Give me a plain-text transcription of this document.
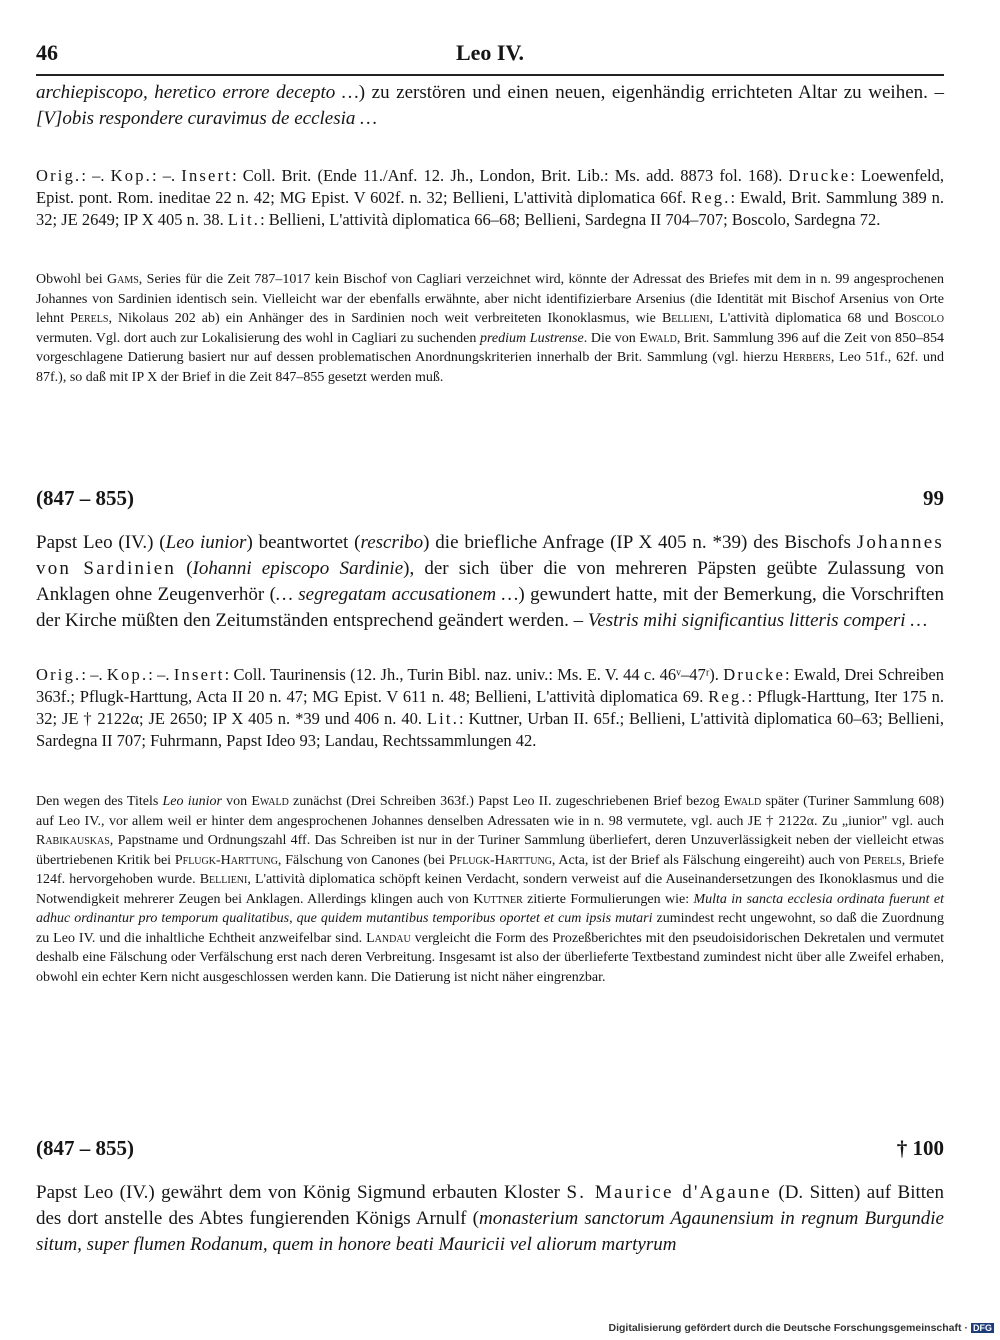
46	Leo IV.

archiepiscopo, heretico errore decepto …) zu zerstören und einen neuen, eigenhändig errichteten Altar zu weihen. – [V]obis respondere curavimus de ecclesia …

Orig.: –. Kop.: –. Insert: Coll. Brit. (Ende 11./Anf. 12. Jh., London, Brit. Lib.: Ms. add. 8873 fol. 168). Drucke: Loewenfeld, Epist. pont. Rom. ineditae 22 n. 42; MG Epist. V 602f. n. 32; Bellieni, L'attività diplomatica 66f. Reg.: Ewald, Brit. Sammlung 389 n. 32; JE 2649; IP X 405 n. 38. Lit.: Bellieni, L'attività diplomatica 66–68; Bellieni, Sardegna II 704–707; Boscolo, Sardegna 72.

Obwohl bei Gams, Series für die Zeit 787–1017 kein Bischof von Cagliari verzeichnet wird, könnte der Adressat des Briefes mit dem in n. 99 angesprochenen Johannes von Sardinien identisch sein. Vielleicht war der ebenfalls erwähnte, aber nicht identifizierbare Arsenius (die Identität mit Bischof Arsenius von Orte lehnt Perels, Nikolaus 202 ab) ein Anhänger des in Sardinien noch weit verbreiteten Ikonoklasmus, wie Bellieni, L'attività diplomatica 68 und Boscolo vermuten. Vgl. dort auch zur Lokalisierung des wohl in Cagliari zu suchenden predium Lustrense. Die von Ewald, Brit. Sammlung 396 auf die Zeit von 850–854 vorgeschlagene Datierung basiert nur auf dessen problematischen Anordnungskriterien innerhalb der Brit. Sammlung (vgl. hierzu Herbers, Leo 51f., 62f. und 87f.), so daß mit IP X der Brief in die Zeit 847–855 gesetzt werden muß.

(847 – 855)	99

Papst Leo (IV.) (Leo iunior) beantwortet (rescribo) die briefliche Anfrage (IP X 405 n. *39) des Bischofs Johannes von Sardinien (Iohanni episcopo Sardinie), der sich über die von mehreren Päpsten geübte Zulassung von Anklagen ohne Zeugenverhör (… segregatam accusationem …) gewundert hatte, mit der Bemerkung, die Vorschriften der Kirche müßten den Zeitumständen entsprechend geändert werden. – Vestris mihi significantius litteris comperi …

Orig.: –. Kop.: –. Insert: Coll. Taurinensis (12. Jh., Turin Bibl. naz. univ.: Ms. E. V. 44 c. 46ᵛ–47ʳ). Drucke: Ewald, Drei Schreiben 363f.; Pflugk-Harttung, Acta II 20 n. 47; MG Epist. V 611 n. 48; Bellieni, L'attività diplomatica 69. Reg.: Pflugk-Harttung, Iter 175 n. 32; JE † 2122α; JE 2650; IP X 405 n. *39 und 406 n. 40. Lit.: Kuttner, Urban II. 65f.; Bellieni, L'attività diplomatica 60–63; Bellieni, Sardegna II 707; Fuhrmann, Papst Ideo 93; Landau, Rechtssammlungen 42.

Den wegen des Titels Leo iunior von Ewald zunächst (Drei Schreiben 363f.) Papst Leo II. zugeschriebenen Brief bezog Ewald später (Turiner Sammlung 608) auf Leo IV., vor allem weil er hinter dem angesprochenen Johannes denselben Adressaten wie in n. 98 vermutete, vgl. auch JE † 2122α. Zu „iunior" vgl. auch Rabikauskas, Papstname und Ordnungszahl 4ff. Das Schreiben ist nur in der Turiner Sammlung überliefert, deren Unzuverlässigkeit neben der vielleicht etwas übertriebenen Kritik bei Pflugk-Harttung, Fälschung von Canones (bei Pflugk-Harttung, Acta, ist der Brief als Fälschung eingereiht) auch von Perels, Briefe 124f. hervorgehoben wurde. Bellieni, L'attività diplomatica schöpft keinen Verdacht, sondern verweist auf die Auseinandersetzungen des Ikonoklasmus und die Notwendigkeit mehrerer Zeugen bei Anklagen. Allerdings klingen auch von Kuttner zitierte Formulierungen wie: Multa in sancta ecclesia ordinata fuerunt et adhuc ordinantur pro temporum qualitatibus, que quidem mutantibus temporibus oportet et cum ipsis mutari zumindest recht ungewohnt, so daß die Zuordnung zu Leo IV. und die inhaltliche Echtheit anzweifelbar sind. Landau vergleicht die Form des Prozeßberichtes mit den pseudoisidorischen Dekretalen und vermutet deshalb eine Fälschung oder Verfälschung erst nach deren Verbreitung. Insgesamt ist also der überlieferte Textbestand zumindest nicht über alle Zweifel erhaben, obwohl ein echter Kern nicht ausgeschlossen werden kann. Die Datierung ist nicht näher eingrenzbar.

(847 – 855)	† 100

Papst Leo (IV.) gewährt dem von König Sigmund erbauten Kloster S. Maurice d'Agaune (D. Sitten) auf Bitten des dort anstelle des Abtes fungierenden Königs Arnulf (monasterium sanctorum Agaunensium in regnum Burgundie situm, super flumen Rodanum, quem in honore beati Mauricii vel aliorum martyrum

Digitalisierung gefördert durch die Deutsche Forschungsgemeinschaft · DFG
